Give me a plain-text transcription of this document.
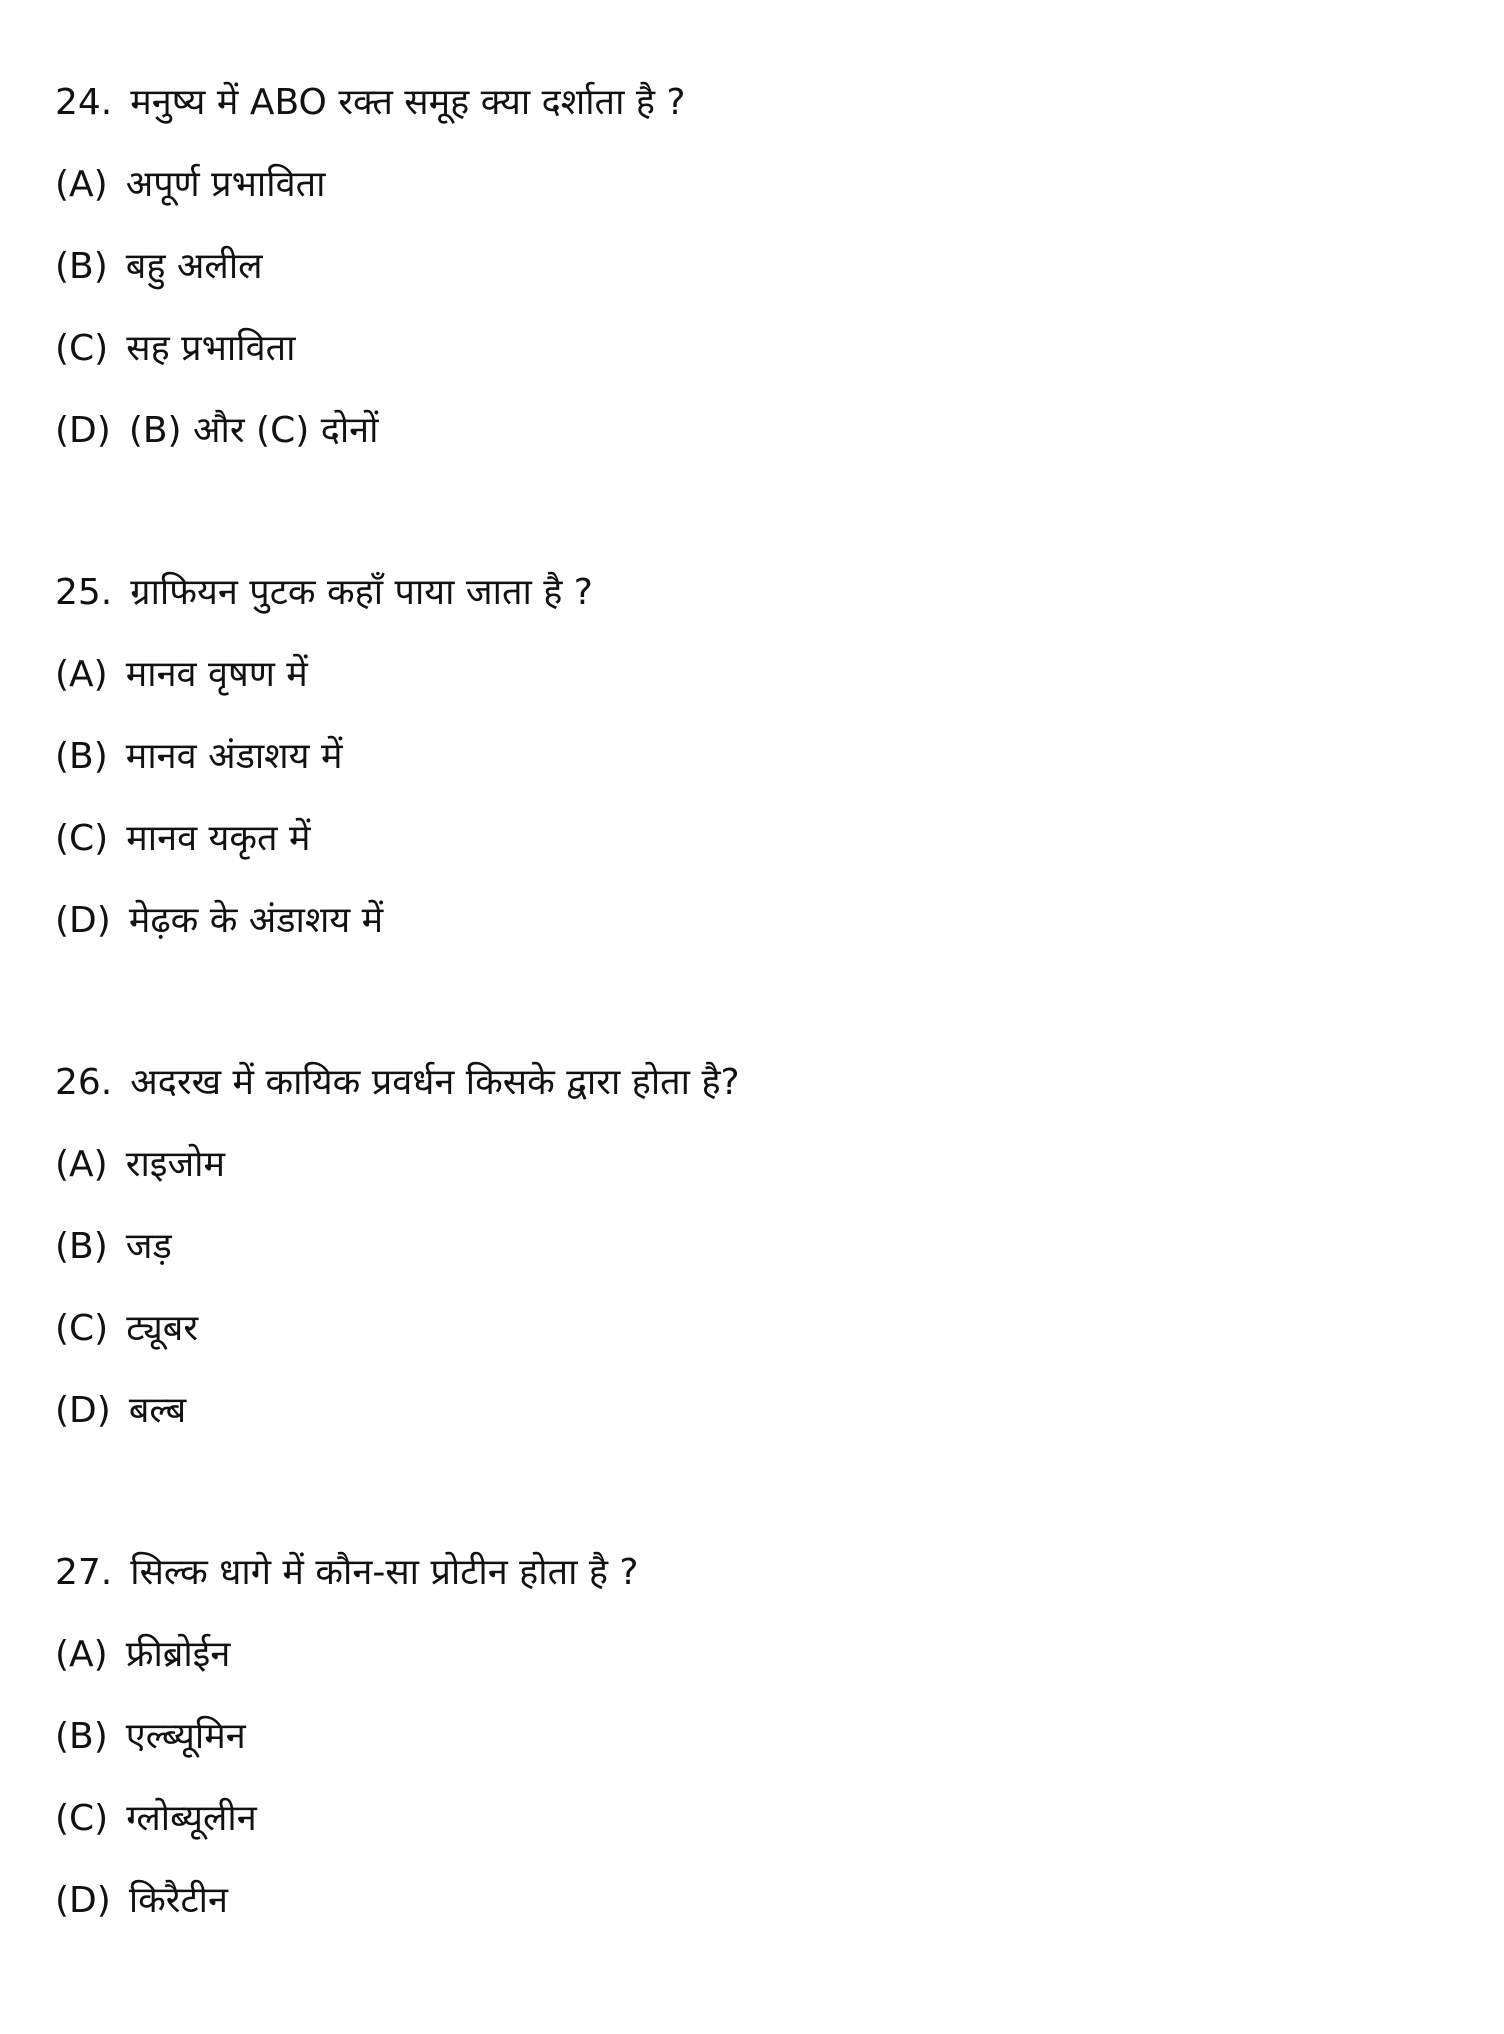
24. मनुष्य में ABO रक्त समूह क्या दर्शाता है ?
(A) अपूर्ण प्रभाविता
(B) बहु अलील
(C) सह प्रभाविता
(D) (B) और (C) दोनों
25. ग्राफियन पुटक कहाँ पाया जाता है ?
(A) मानव वृषण में
(B) मानव अंडाशय में
(C) मानव यकृत में
(D) मेढ़क के अंडाशय में
26. अदरख में कायिक प्रवर्धन किसके द्वारा होता है?
(A) राइजोम
(B) जड़
(C) ट्यूबर
(D) बल्ब
27. सिल्क धागे में कौन-सा प्रोटीन होता है ?
(A) फ्रीब्रोईन
(B) एल्ब्यूमिन
(C) ग्लोब्यूलीन
(D) किरैटीन
